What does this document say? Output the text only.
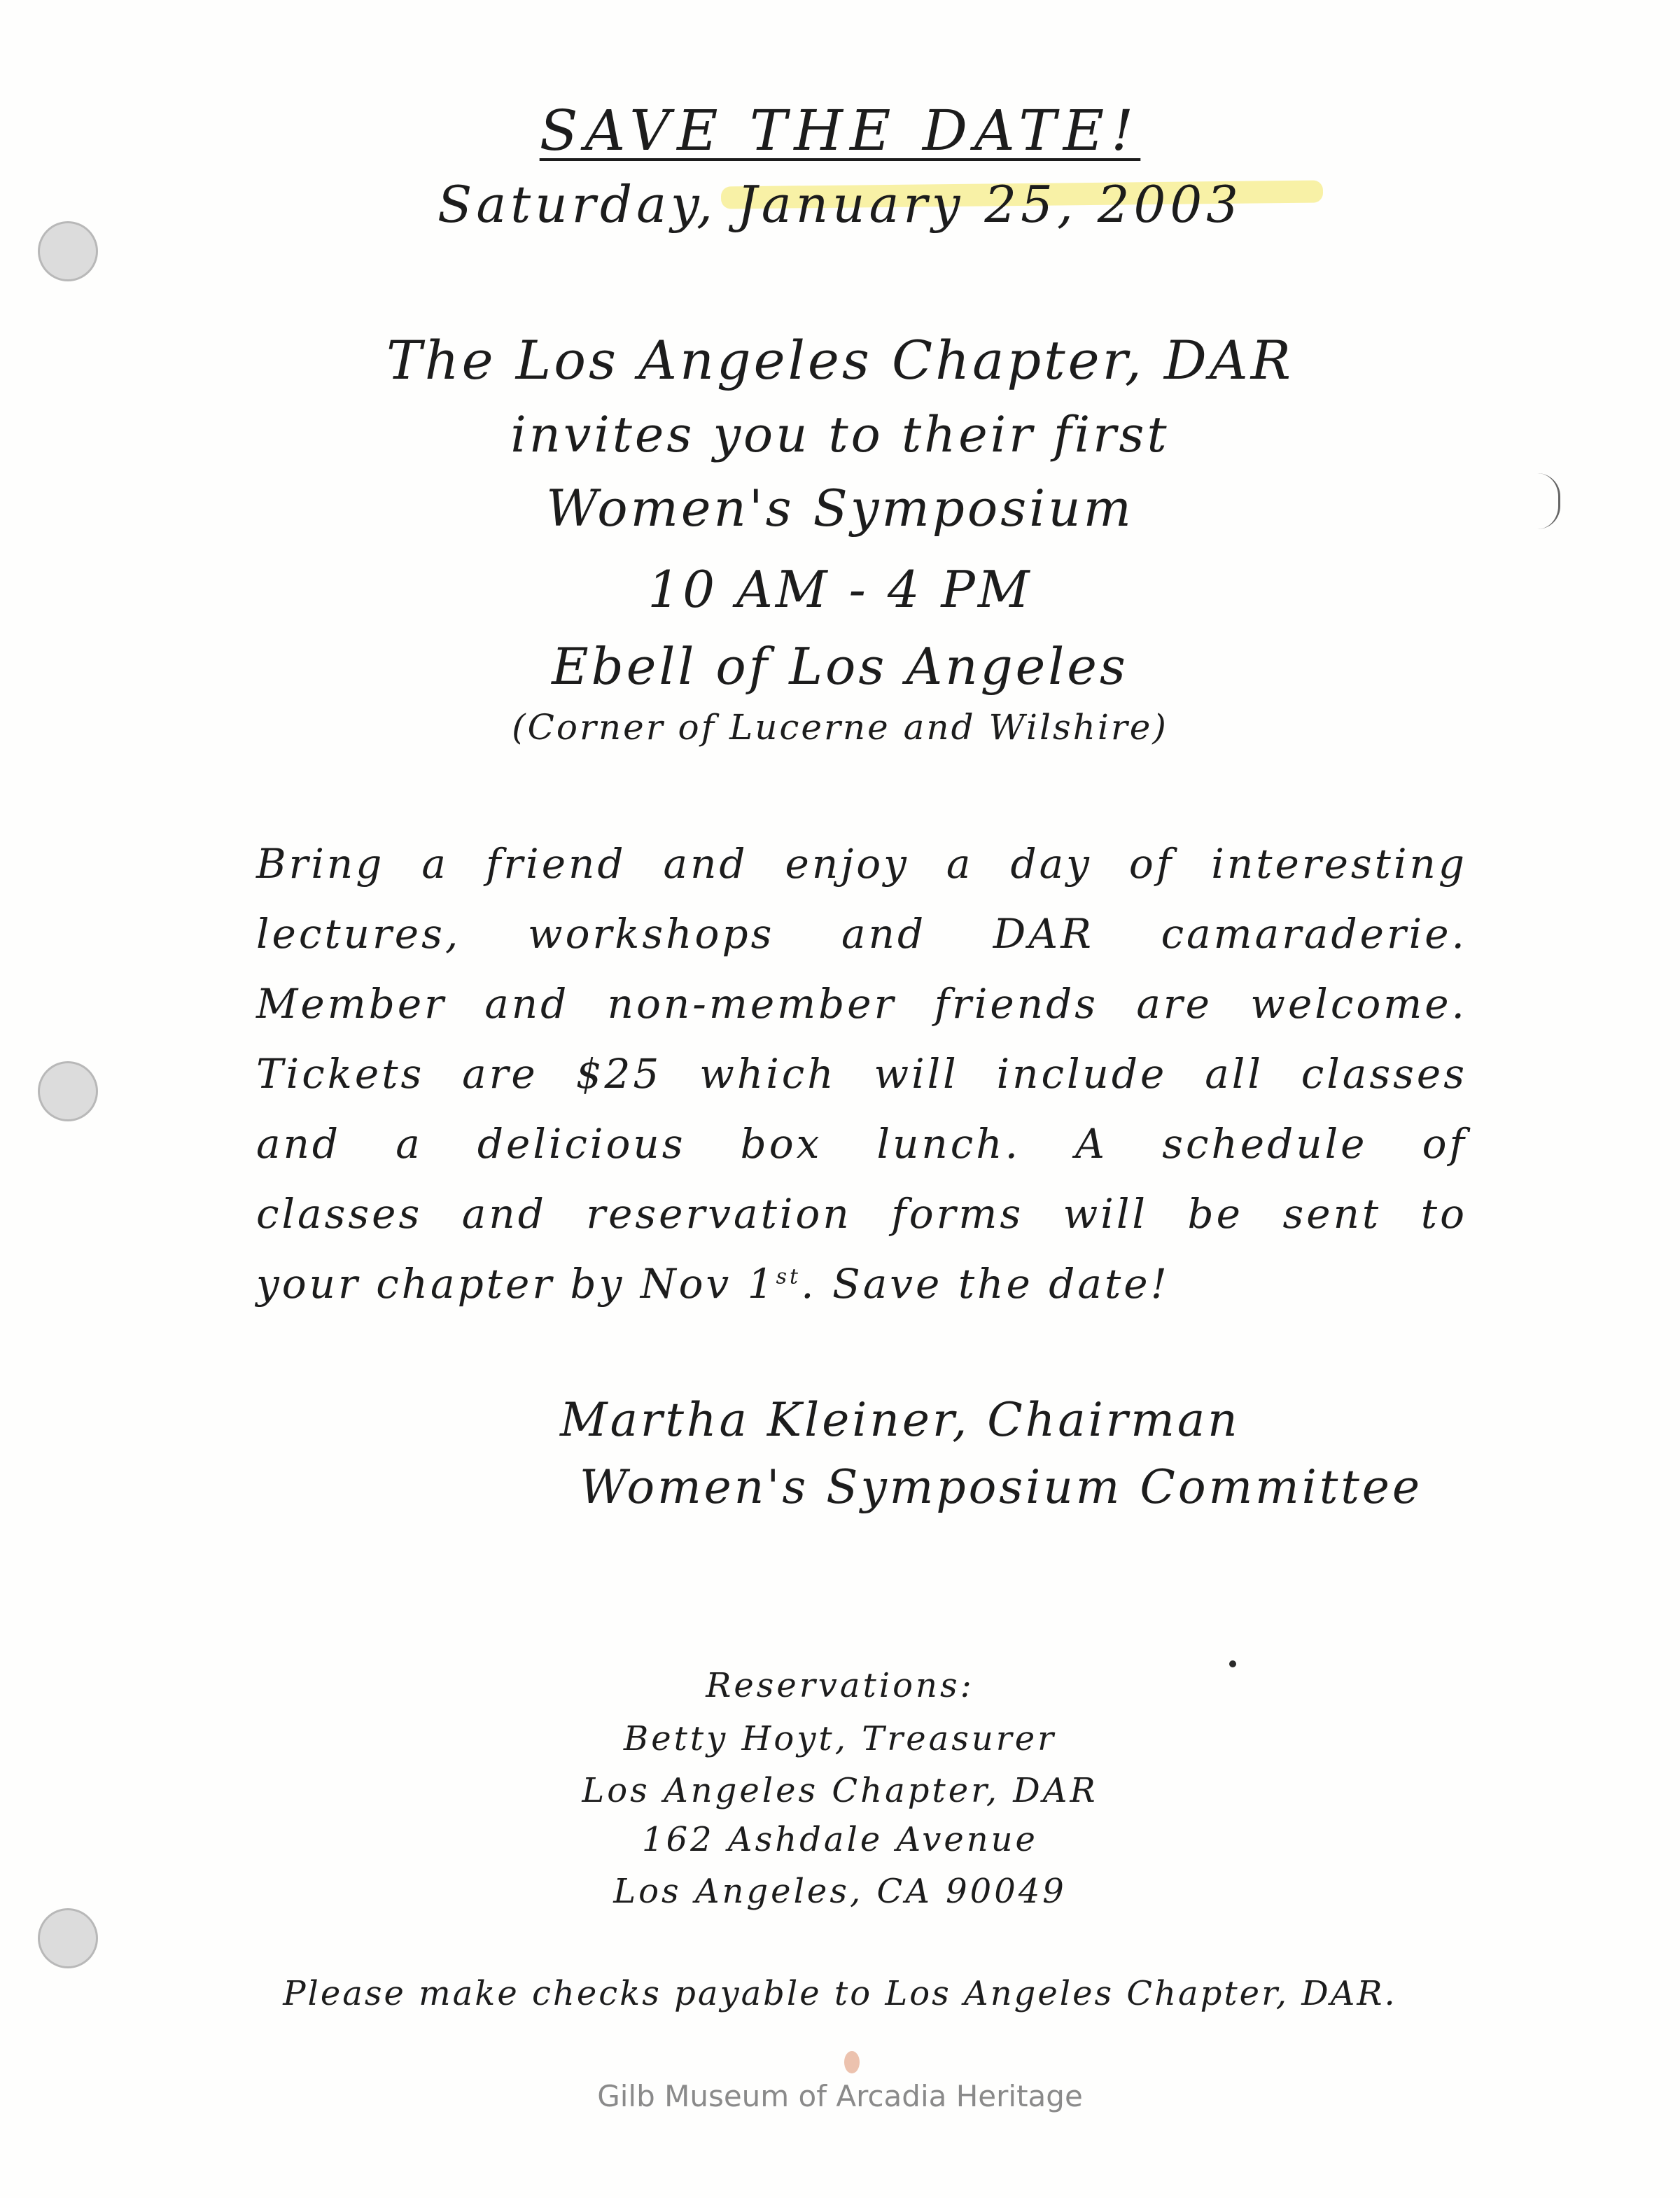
SAVE THE DATE!
Saturday, January 25, 2003
The Los Angeles Chapter, DAR
invites you to their first
Women's Symposium
10 AM - 4 PM
Ebell of Los Angeles
(Corner of Lucerne and Wilshire)
Bring a friend and enjoy a day of interesting
lectures, workshops and DAR camaraderie.
Member and non-member friends are welcome.
Tickets are $25 which will include all classes
and a delicious box lunch. A schedule of
classes and reservation forms will be sent to
your chapter by Nov 1st. Save the date!
Martha Kleiner, Chairman
Women's Symposium Committee
Reservations:
Betty Hoyt, Treasurer
Los Angeles Chapter, DAR
162 Ashdale Avenue
Los Angeles, CA 90049
Please make checks payable to Los Angeles Chapter, DAR.
Gilb Museum of Arcadia Heritage
